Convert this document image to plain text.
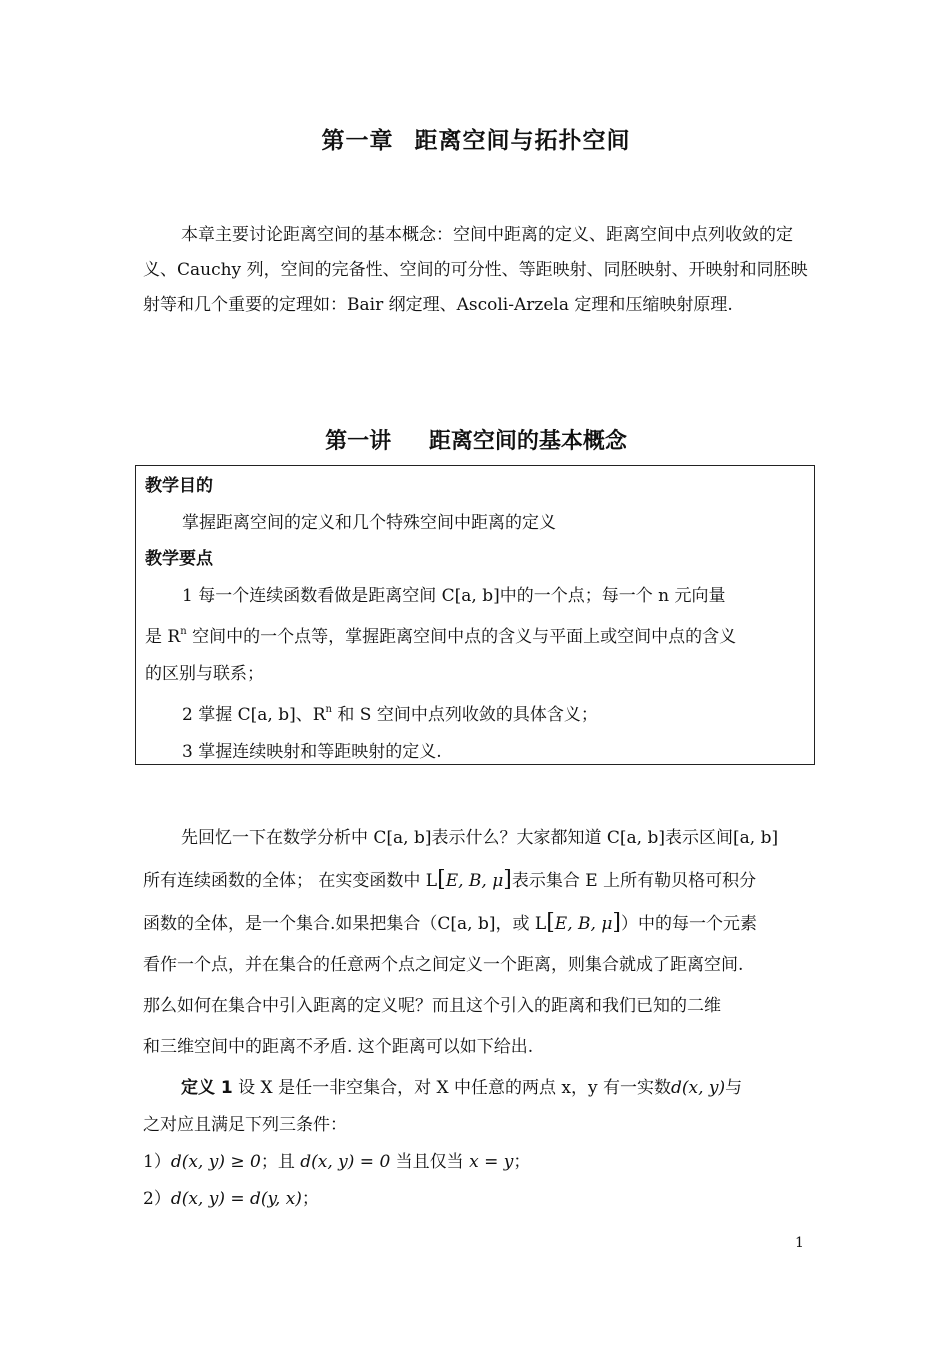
第一章 距离空间与拓扑空间
本章主要讨论距离空间的基本概念：空间中距离的定义、距离空间中点列收敛的定义、Cauchy 列，空间的完备性、空间的可分性、等距映射、同胚映射、开映射和同胚映射等和几个重要的定理如：Bair 纲定理、Ascoli-Arzela 定理和压缩映射原理.
第一讲 距离空间的基本概念
教学目的
掌握距离空间的定义和几个特殊空间中距离的定义
教学要点
1 每一个连续函数看做是距离空间 C[a, b]中的一个点；每一个 n 元向量
是 $R^n$ 空间中的一个点等，掌握距离空间中点的含义与平面上或空间中点的含义
的区别与联系；
2 掌握 C[a, b]、$R^n$ 和 S 空间中点列收敛的具体含义；
3 掌握连续映射和等距映射的定义.
先回忆一下在数学分析中 C[a, b]表示什么？大家都知道 C[a, b]表示区间[a, b]
所有连续函数的全体； 在实变函数中 L[E, B, μ]表示集合 E 上所有勒贝格可积分
函数的全体，是一个集合.如果把集合（C[a, b]，或 L[E, B, μ]）中的每一个元素
看作一个点，并在集合的任意两个点之间定义一个距离，则集合就成了距离空间.
那么如何在集合中引入距离的定义呢？而且这个引入的距离和我们已知的二维
和三维空间中的距离不矛盾. 这个距离可以如下给出.
定义 1 设 X 是任一非空集合，对 X 中任意的两点 x，y 有一实数d(x, y)与
之对应且满足下列三条件：
1）d(x, y) ≥ 0；且 d(x, y) = 0 当且仅当 x = y；
2）d(x, y) = d(y, x)；
1
